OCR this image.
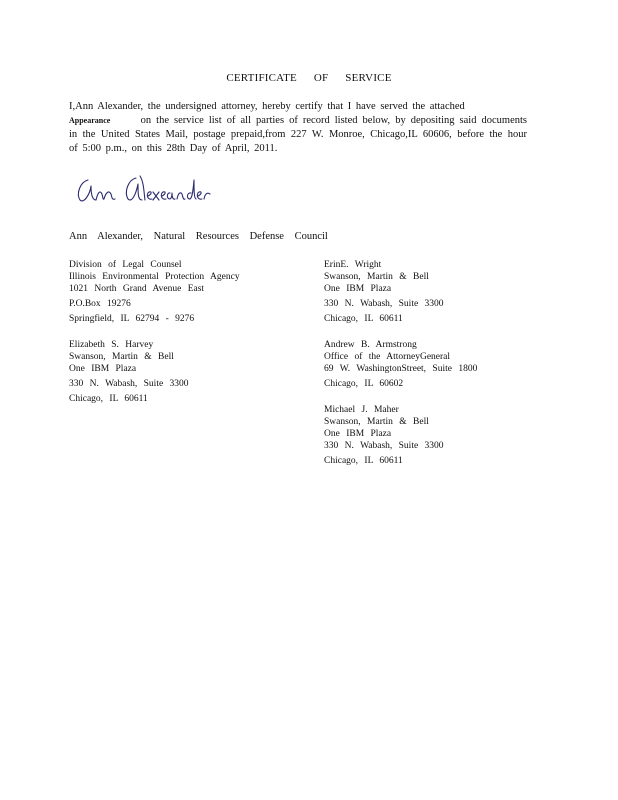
CERTIFICATE OF SERVICE
I,Ann Alexander, the undersigned attorney, hereby certify that I have served the attached
Appearance	on the service list of all parties of record listed below, by depositing said documents in the United States Mail, postage prepaid,from 227 W. Monroe, Chicago,IL 60606, before the hour of 5:00 p.m., on this 28th Day of April, 2011.
Ann Alexander, Natural Resources Defense Council
Division of Legal Counsel
Illinois Environmental Protection Agency
1021 North Grand Avenue East
P.O.Box 19276
Springfield, IL 62794 - 9276
Elizabeth S. Harvey
Swanson, Martin & Bell
One IBM Plaza
330 N. Wabash, Suite 3300
Chicago, IL 60611
ErinE. Wright
Swanson, Martin & Bell
One IBM Plaza
330 N. Wabash, Suite 3300
Chicago, IL 60611
Andrew B. Armstrong
Office of the AttorneyGeneral
69 W. WashingtonStreet, Suite 1800
Chicago, IL 60602
Michael J. Maher
Swanson, Martin & Bell
One IBM Plaza
330 N. Wabash, Suite 3300
Chicago, IL 60611
